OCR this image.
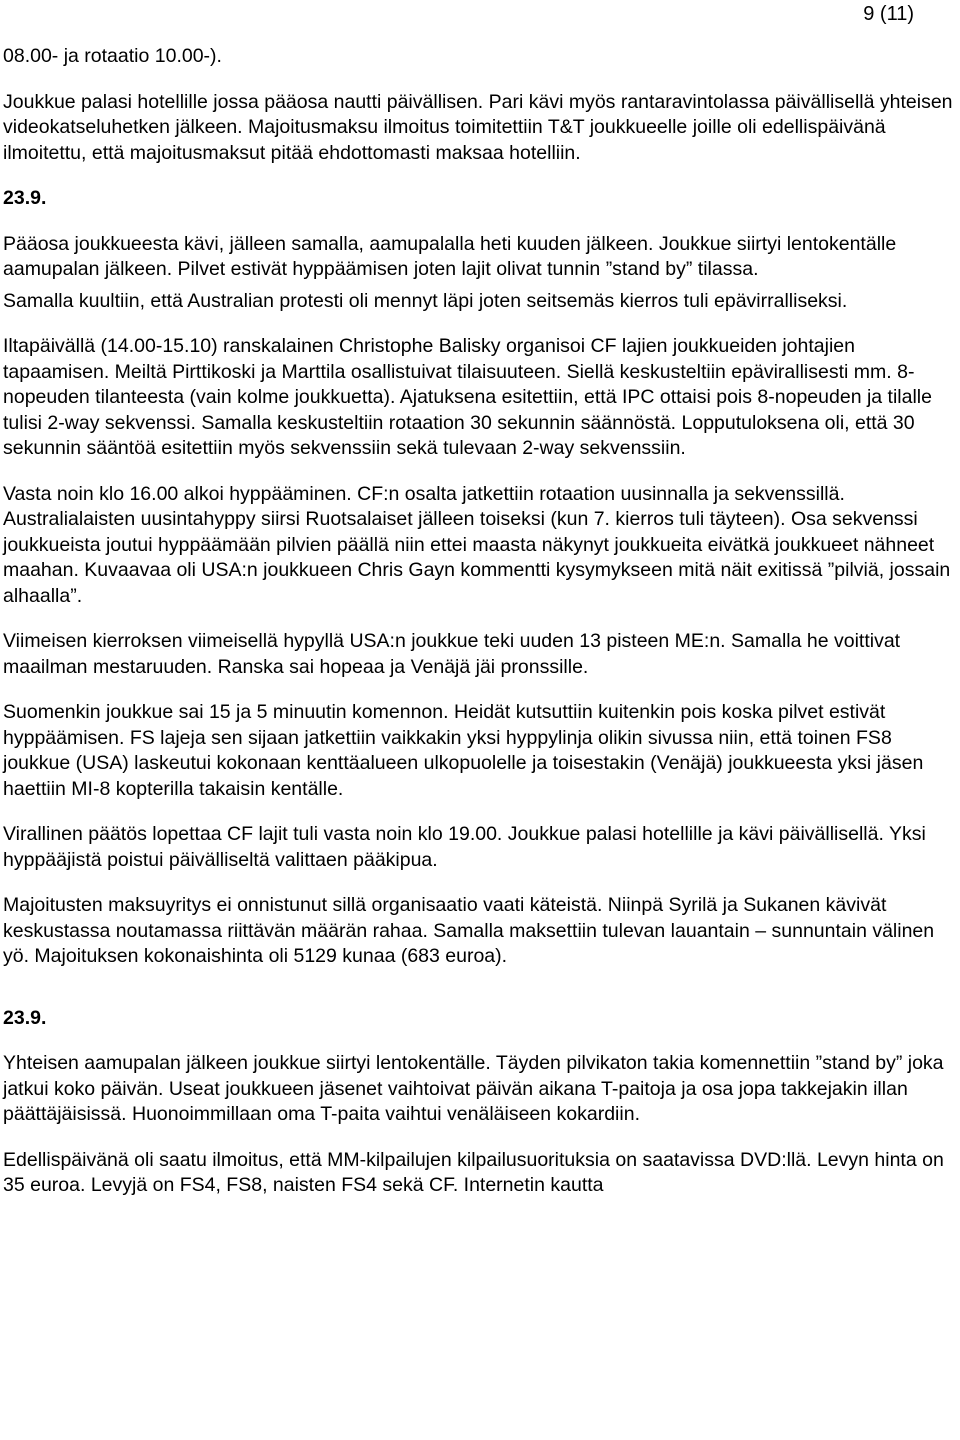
9 (11)

08.00- ja rotaatio 10.00-).

Joukkue palasi hotellille jossa pääosa nautti päivällisen. Pari kävi myös rantaravintolassa päivällisellä yhteisen videokatseluhetken jälkeen. Majoitusmaksu ilmoitus toimitettiin T&T joukkueelle joille oli edellispäivänä ilmoitettu, että majoitusmaksut pitää ehdottomasti maksaa hotelliin.

23.9.

Pääosa joukkueesta kävi, jälleen samalla, aamupalalla heti kuuden jälkeen. Joukkue siirtyi lentokentälle aamupalan jälkeen. Pilvet estivät hyppäämisen joten lajit olivat tunnin ”stand by” tilassa.

Samalla kuultiin, että Australian protesti oli mennyt läpi joten seitsemäs kierros tuli epävirralliseksi.

Iltapäivällä (14.00-15.10) ranskalainen Christophe Balisky organisoi CF lajien joukkueiden johtajien tapaamisen. Meiltä Pirttikoski ja Marttila osallistuivat tilaisuuteen. Siellä keskusteltiin epävirallisesti mm. 8-nopeuden tilanteesta (vain kolme joukkuetta). Ajatuksena esitettiin, että IPC ottaisi pois 8-nopeuden ja tilalle tulisi 2-way sekvenssi. Samalla keskusteltiin rotaation 30 sekunnin säännöstä. Lopputuloksena oli, että 30 sekunnin sääntöä esitettiin myös sekvenssiin sekä tulevaan 2-way sekvenssiin.

Vasta noin klo 16.00 alkoi hyppääminen. CF:n osalta jatkettiin rotaation uusinnalla ja sekvenssillä. Australialaisten uusintahyppy siirsi Ruotsalaiset jälleen toiseksi (kun 7. kierros tuli täyteen). Osa sekvenssi joukkueista joutui hyppäämään pilvien päällä niin ettei maasta näkynyt joukkueita eivätkä joukkueet nähneet maahan. Kuvaavaa oli USA:n joukkueen Chris Gayn kommentti kysymykseen mitä näit exitissä ”pilviä, jossain alhaalla”.

Viimeisen kierroksen viimeisellä hypyllä USA:n joukkue teki uuden 13 pisteen ME:n. Samalla he voittivat maailman mestaruuden. Ranska sai hopeaa ja Venäjä jäi pronssille.

Suomenkin joukkue sai 15 ja 5 minuutin komennon. Heidät kutsuttiin kuitenkin pois koska pilvet estivät hyppäämisen. FS lajeja sen sijaan jatkettiin vaikkakin yksi hyppylinja olikin sivussa niin, että toinen FS8 joukkue (USA) laskeutui kokonaan kenttäalueen ulkopuolelle ja toisestakin (Venäjä) joukkueesta yksi jäsen haettiin MI-8 kopterilla takaisin kentälle.

Virallinen päätös lopettaa CF lajit tuli vasta noin klo 19.00. Joukkue palasi hotellille ja kävi päivällisellä. Yksi hyppääjistä poistui päivälliseltä valittaen pääkipua.

Majoitusten maksuyritys ei onnistunut sillä organisaatio vaati käteistä. Niinpä Syrilä ja Sukanen kävivät keskustassa noutamassa riittävän määrän rahaa. Samalla maksettiin tulevan lauantain – sunnuntain välinen yö. Majoituksen kokonaishinta oli 5129 kunaa (683 euroa).

23.9.

Yhteisen aamupalan jälkeen joukkue siirtyi lentokentälle. Täyden pilvikaton takia komennettiin ”stand by” joka jatkui koko päivän. Useat joukkueen jäsenet vaihtoivat päivän aikana T-paitoja ja osa jopa takkejakin illan päättäjäisissä. Huonoimmillaan oma T-paita vaihtui venäläiseen kokardiin.

Edellispäivänä oli saatu ilmoitus, että MM-kilpailujen kilpailusuorituksia on saatavissa DVD:llä. Levyn hinta on 35 euroa. Levyjä on FS4, FS8, naisten FS4 sekä CF. Internetin kautta
